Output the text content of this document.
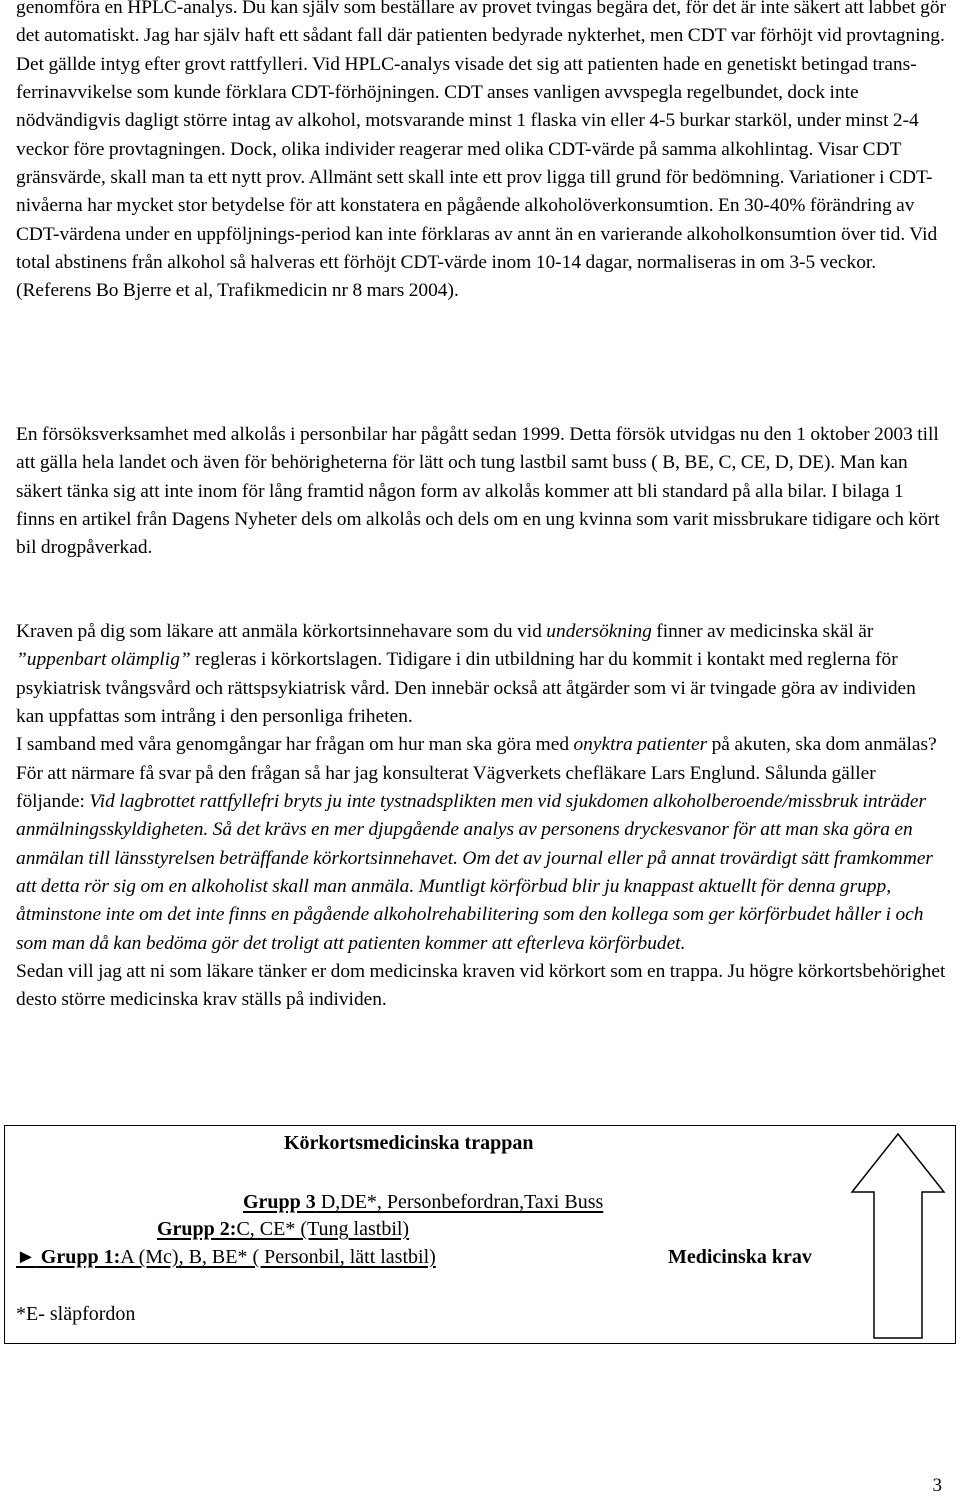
genomföra en HPLC-analys. Du kan själv som beställare av provet tvingas begära det, för det är inte säkert att labbet gör det automatiskt. Jag har själv haft ett sådant fall där patienten bedyrade nykterhet, men CDT var förhöjt vid provtagning. Det gällde intyg efter grovt rattfylleri. Vid HPLC-analys visade det sig att patienten hade en genetiskt betingad trans-ferrinavvikelse som kunde förklara CDT-förhöjningen. CDT anses vanligen avvspegla regelbundet, dock inte nödvändigvis dagligt större intag av alkohol, motsvarande minst 1 flaska vin eller 4-5 burkar starköl, under minst 2-4 veckor före provtagningen. Dock, olika individer reagerar med olika CDT-värde på samma alkohlintag. Visar CDT gränsvärde, skall man ta ett nytt prov. Allmänt sett skall inte ett prov ligga till grund för bedömning. Variationer i CDT-nivåerna har mycket stor betydelse för att konstatera en pågående alkoholöverkonsumtion. En 30-40% förändring av CDT-värdena under en uppföljnings-period kan inte förklaras av annt än en varierande alkoholkonsumtion över tid. Vid total abstinens från alkohol så halveras ett förhöjt CDT-värde inom 10-14 dagar, normaliseras in om 3-5 veckor.(Referens Bo Bjerre et al, Trafikmedicin nr 8 mars 2004).

En försöksverksamhet med alkolås i personbilar har pågått sedan 1999. Detta försök utvidgas nu den 1 oktober 2003 till att gälla hela landet och även för behörigheterna för lätt och tung lastbil samt buss ( B, BE, C, CE, D, DE). Man kan säkert tänka sig att inte inom för lång framtid någon form av alkolås kommer att bli standard på alla bilar. I bilaga 1 finns en artikel från Dagens Nyheter dels om alkolås och dels om en ung kvinna som varit missbrukare tidigare och kört bil drogpåverkad.

Kraven på dig som läkare att anmäla körkortsinnehavare som du vid undersökning finner av medicinska skäl är ”uppenbart olämplig” regleras i körkortslagen. Tidigare i din utbildning har du kommit i kontakt med reglerna för psykiatrisk tvångsvård och rättspsykiatrisk vård. Den innebär också att åtgärder som vi är tvingade göra av individen kan uppfattas som intrång i den personliga friheten.
I samband med våra genomgångar har frågan om hur man ska göra med onyktra patienter på akuten, ska dom anmälas? För att närmare få svar på den frågan så har jag konsulterat Vägverkets chefläkare Lars Englund. Sålunda gäller följande: Vid lagbrottet rattfyllefri bryts ju inte tystnadsplikten men vid sjukdomen alkoholberoende/missbruk inträder anmälningsskyldigheten. Så det krävs en mer djupgående analys av personens dryckesvanor för att man ska göra en anmälan till länsstyrelsen beträffande körkortsinnehavet. Om det av journal eller på annat trovärdigt sätt framkommer att detta rör sig om en alkoholist skall man anmäla. Muntligt körförbud blir ju knappast aktuellt för denna grupp, åtminstone inte om det inte finns en pågående alkoholrehabilitering som den kollega som ger körförbudet håller i och som man då kan bedöma gör det troligt att patienten kommer att efterleva körförbudet.
Sedan vill jag att ni som läkare tänker er dom medicinska kraven vid körkort som en trappa. Ju högre körkortsbehörighet desto större medicinska krav ställs på individen.

Körkortsmedicinska trappan
Grupp 3 D,DE*, Personbefordran,Taxi Buss
Grupp 2:C, CE* (Tung lastbil)
► Grupp 1:A (Mc), B, BE* ( Personbil, lätt lastbil)	Medicinska krav
*E- släpfordon
3
